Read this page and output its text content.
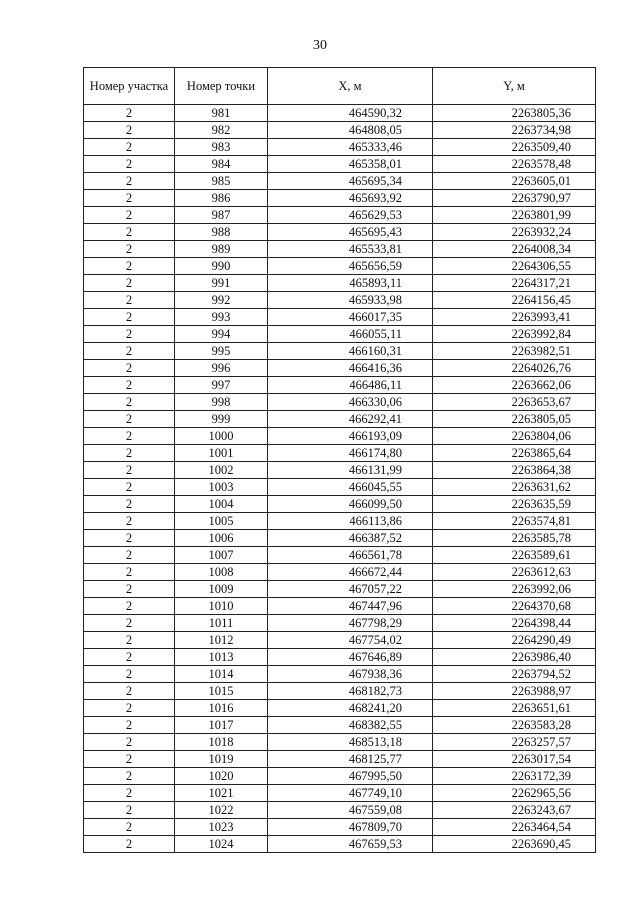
30
Номер участка	Номер точки	X, м	Y, м
2	981	464590,32	2263805,36
2	982	464808,05	2263734,98
2	983	465333,46	2263509,40
2	984	465358,01	2263578,48
2	985	465695,34	2263605,01
2	986	465693,92	2263790,97
2	987	465629,53	2263801,99
2	988	465695,43	2263932,24
2	989	465533,81	2264008,34
2	990	465656,59	2264306,55
2	991	465893,11	2264317,21
2	992	465933,98	2264156,45
2	993	466017,35	2263993,41
2	994	466055,11	2263992,84
2	995	466160,31	2263982,51
2	996	466416,36	2264026,76
2	997	466486,11	2263662,06
2	998	466330,06	2263653,67
2	999	466292,41	2263805,05
2	1000	466193,09	2263804,06
2	1001	466174,80	2263865,64
2	1002	466131,99	2263864,38
2	1003	466045,55	2263631,62
2	1004	466099,50	2263635,59
2	1005	466113,86	2263574,81
2	1006	466387,52	2263585,78
2	1007	466561,78	2263589,61
2	1008	466672,44	2263612,63
2	1009	467057,22	2263992,06
2	1010	467447,96	2264370,68
2	1011	467798,29	2264398,44
2	1012	467754,02	2264290,49
2	1013	467646,89	2263986,40
2	1014	467938,36	2263794,52
2	1015	468182,73	2263988,97
2	1016	468241,20	2263651,61
2	1017	468382,55	2263583,28
2	1018	468513,18	2263257,57
2	1019	468125,77	2263017,54
2	1020	467995,50	2263172,39
2	1021	467749,10	2262965,56
2	1022	467559,08	2263243,67
2	1023	467809,70	2263464,54
2	1024	467659,53	2263690,45
